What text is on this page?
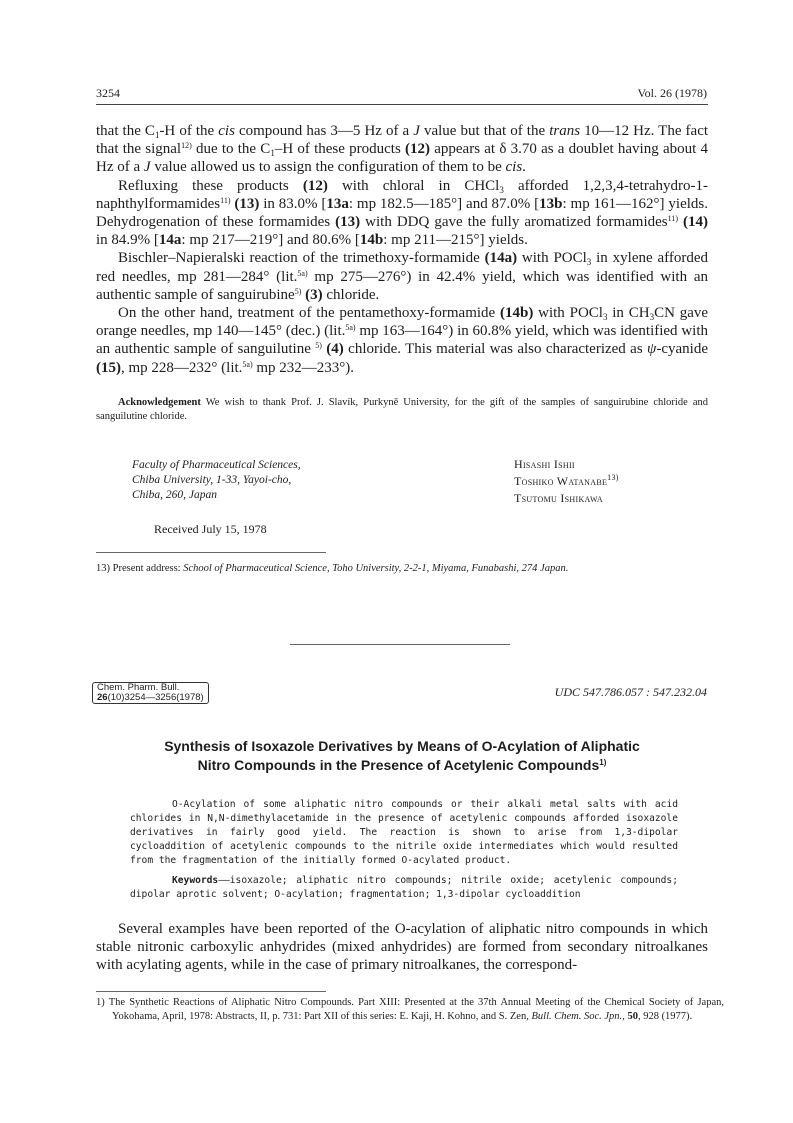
3254	Vol. 26 (1978)

that the $C_1-H$ of the cis compound has 3—5 Hz of a J value but that of the trans 10—12 Hz. The fact that the signal$^{12)}$ due to the $C_1-H$ of these products (12) appears at δ 3.70 as a doublet having about 4 Hz of a J value allowed us to assign the configuration of them to be cis.

Refluxing these products (12) with chloral in CHCl$_3$ afforded 1,2,3,4-tetrahydro-1-naphthylformamides$^{11)}$ (13) in 83.0% [13a: mp 182.5—185°] and 87.0% [13b: mp 161—162°] yields. Dehydrogenation of these formamides (13) with DDQ gave the fully aromatized formamides$^{11)}$ (14) in 84.9% [14a: mp 217—219°] and 80.6% [14b: mp 211—215°] yields.

Bischler–Napieralski reaction of the trimethoxy-formamide (14a) with POCl$_3$ in xylene afforded red needles, mp 281—284° (lit.$^{5a)}$ mp 275—276°) in 42.4% yield, which was identified with an authentic sample of sanguirubine$^{5)}$ (3) chloride.

On the other hand, treatment of the pentamethoxy-formamide (14b) with POCl$_3$ in $CH_3CN$ gave orange needles, mp 140—145° (dec.) (lit.$^{5a)}$ mp 163—164°) in 60.8% yield, which was identified with an authentic sample of sanguilutine $^{5)}$ (4) chloride. This material was also characterized as ψ-cyanide (15), mp 228—232° (lit.$^{5a)}$ mp 232—233°).

Acknowledgement We wish to thank Prof. J. Slavík, Purkyně University, for the gift of the samples of sanguirubine chloride and sanguilutine chloride.
Faculty of Pharmaceutical Sciences,
Chiba University, 1-33, Yayoi-cho,
Chiba, 260, Japan
Hisashi Ishii
Toshiko Watanabe$^{13)}$
Tsutomu Ishikawa
Received July 15, 1978
13) Present address: School of Pharmaceutical Science, Toho University, 2-2-1, Miyama, Funabashi, 274 Japan.
Chem. Pharm. Bull.
26(10)3254—3256(1978)	UDC 547.786.057 : 547.232.04
Synthesis of Isoxazole Derivatives by Means of O-Acylation of Aliphatic
Nitro Compounds in the Presence of Acetylenic Compounds$^{1)}$

O-Acylation of some aliphatic nitro compounds or their alkali metal salts with acid chlorides in N,N-dimethylacetamide in the presence of acetylenic compounds afforded isoxazole derivatives in fairly good yield. The reaction is shown to arise from 1,3-dipolar cycloaddition of acetylenic compounds to the nitrile oxide intermediates which would resulted from the fragmentation of the initially formed O-acylated product.

Keywords——isoxazole; aliphatic nitro compounds; nitrile oxide; acetylenic compounds; dipolar aprotic solvent; O-acylation; fragmentation; 1,3-dipolar cycloaddition

Several examples have been reported of the O-acylation of aliphatic nitro compounds in which stable nitronic carboxylic anhydrides (mixed anhydrides) are formed from secondary nitroalkanes with acylating agents, while in the case of primary nitroalkanes, the correspond-

1) The Synthetic Reactions of Aliphatic Nitro Compounds. Part XIII: Presented at the 37th Annual Meeting of the Chemical Society of Japan, Yokohama, April, 1978: Abstracts, II, p. 731: Part XII of this series: E. Kaji, H. Kohno, and S. Zen, Bull. Chem. Soc. Jpn., 50, 928 (1977).
